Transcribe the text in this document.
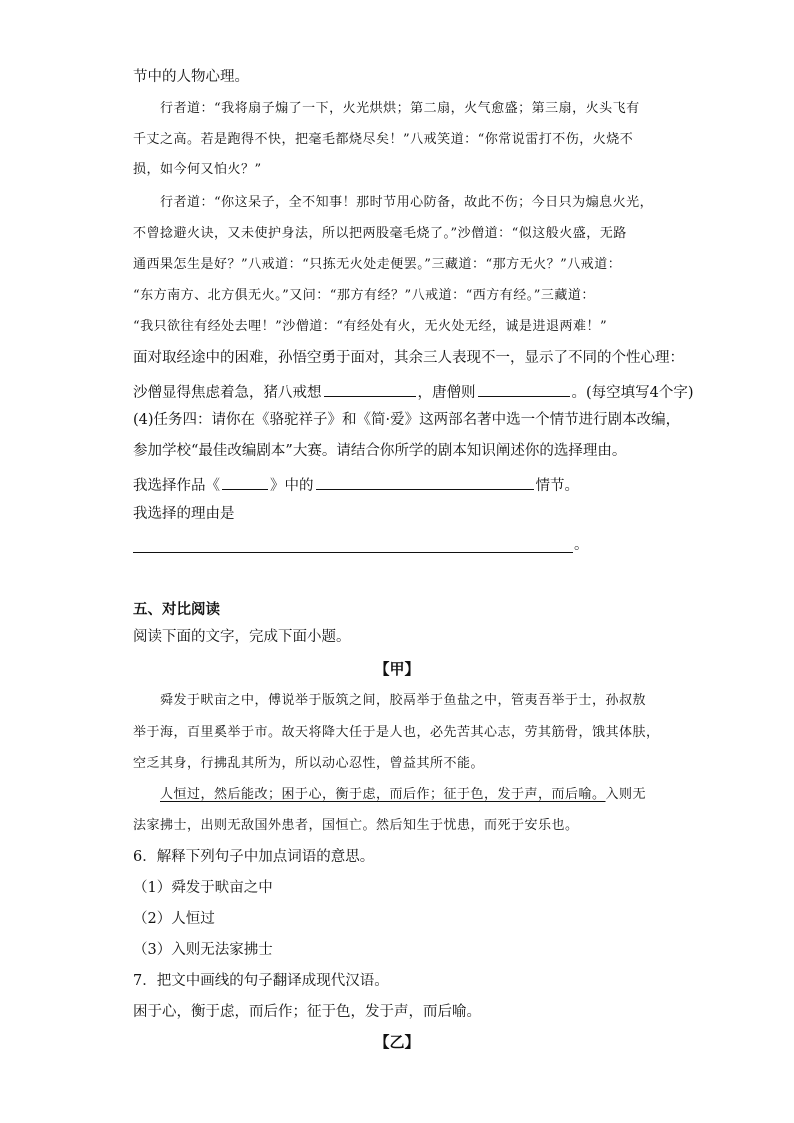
节中的人物心理。
行者道：“我将扇子煽了一下，火光烘烘；第二扇，火气愈盛；第三扇，火头飞有
千丈之高。若是跑得不快，把毫毛都烧尽矣！”八戒笑道：“你常说雷打不伤，火烧不
损，如今何又怕火？”
行者道：“你这呆子，全不知事！那时节用心防备，故此不伤；今日只为煽息火光，
不曾捻避火诀，又未使护身法，所以把两股毫毛烧了。”沙僧道：“似这般火盛，无路
通西果怎生是好？”八戒道：“只拣无火处走便罢。”三藏道：“那方无火？”八戒道：
“东方南方、北方俱无火。”又问：“那方有经？”八戒道：“西方有经。”三藏道：
“我只欲往有经处去哩！”沙僧道：“有经处有火，无火处无经，诚是进退两难！”
面对取经途中的困难，孙悟空勇于面对，其余三人表现不一，显示了不同的个性心理：
沙僧显得焦虑着急，猪八戒想	，唐僧则	。(每空填写4个字)
(4)任务四：请你在《骆驼祥子》和《简·爱》这两部名著中选一个情节进行剧本改编，
参加学校“最佳改编剧本”大赛。请结合你所学的剧本知识阐述你的选择理由。
我选择作品《	》中的	情节。
我选择的理由是
。
五、对比阅读
阅读下面的文字，完成下面小题。
【甲】
舜发于畎亩之中，傅说举于版筑之间，胶鬲举于鱼盐之中，管夷吾举于士，孙叔敖
举于海，百里奚举于市。故天将降大任于是人也，必先苦其心志，劳其筋骨，饿其体肤，
空乏其身，行拂乱其所为，所以动心忍性，曾益其所不能。
人恒过，然后能改；困于心，衡于虑，而后作；征于色，发于声，而后喻。入则无
法家拂士，出则无敌国外患者，国恒亡。然后知生于忧患，而死于安乐也。
6．解释下列句子中加点词语的意思。
（1）舜发于畎亩之中
（2）人恒过
（3）入则无法家拂士
7．把文中画线的句子翻译成现代汉语。
困于心，衡于虑，而后作；征于色，发于声，而后喻。
【乙】
